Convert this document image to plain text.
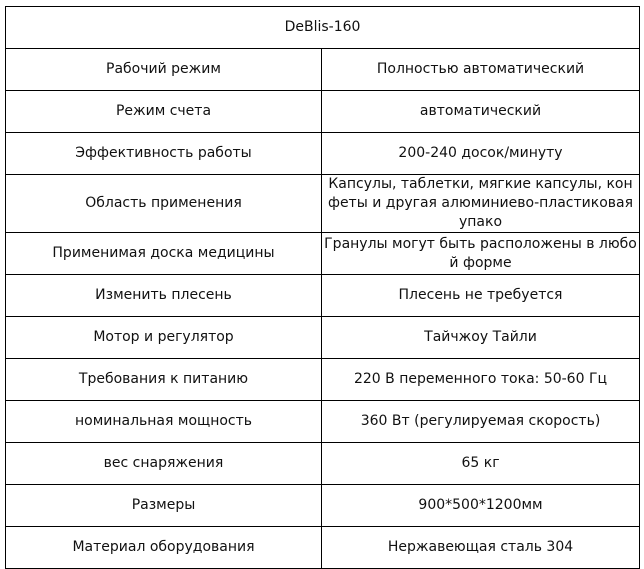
DeBlis-160	
Рабочий режим	Полностью автоматический
Режим счета	автоматический
Эффективность работы	200-240 досок/минуту
Область применения	Капсулы, таблетки, мягкие капсулы, конфеты и другая алюминиево-пластиковая упако
Применимая доска медицины	Гранулы могут быть расположены в любой форме
Изменить плесень	Плесень не требуется
Мотор и регулятор	Тайчжоу Тайли
Требования к питанию	220 В переменного тока: 50-60 Гц
номинальная мощность	360 Вт (регулируемая скорость)
вес снаряжения	65 кг
Размеры	900*500*1200мм
Материал оборудования	Нержавеющая сталь 304
